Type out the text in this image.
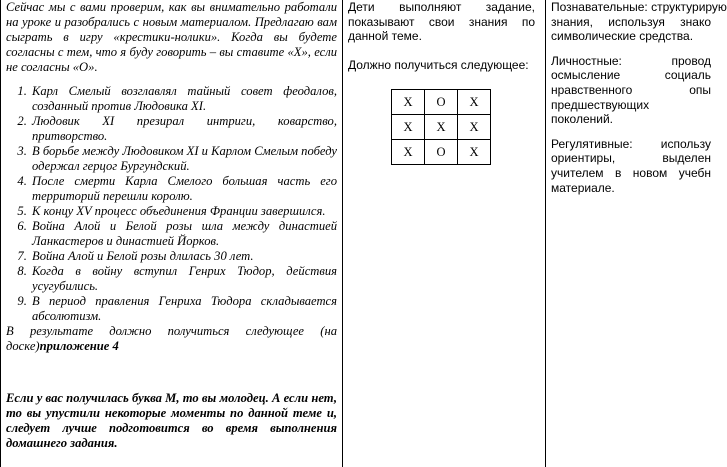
Сейчас мы с вами проверим, как вы внимательно работали на уроке и разобрались с новым материалом. Предлагаю вам сыграть в игру «крестики-нолики». Когда вы будете согласны с тем, что я буду говорить – вы ставите «Х», если не согласны «О».

1. Карл Смелый возглавлял тайный совет феодалов, созданный против Людовика XI.
2. Людовик XI презирал интриги, коварство, притворство.
3. В борьбе между Людовиком XI и Карлом Смелым победу одержал герцог Бургундский.
4. После смерти Карла Смелого большая часть его территорий перешли королю.
5. К концу XV процесс объединения Франции завершился.
6. Война Алой и Белой розы шла между династией Ланкастеров и династией Йорков.
7. Война Алой и Белой розы длилась 30 лет.
8. Когда в войну вступил Генрих Тюдор, действия усугубились.
9. В период правления Генриха Тюдора складывается абсолютизм.

В результате должно получиться следующее (на

доске)приложение 4

Если у вас получилась буква М, то вы молодец. А если нет, то вы упустили некоторые моменты по данной теме и, следует лучше подготовится во время выполнения домашнего задания.

Дети выполняют задание, показывают свои знания по данной теме.

Должно получиться следующее:

Х	О	Х
Х	Х	Х
Х	О	Х

Познавательные: структурирую

знания, используя знако

символические средства.

Личностные: провод

осмысление социаль

нравственного опы

предшествующих поколений.

Регулятивные: использу

ориентиры, выделен

учителем в новом учебн

материале.
